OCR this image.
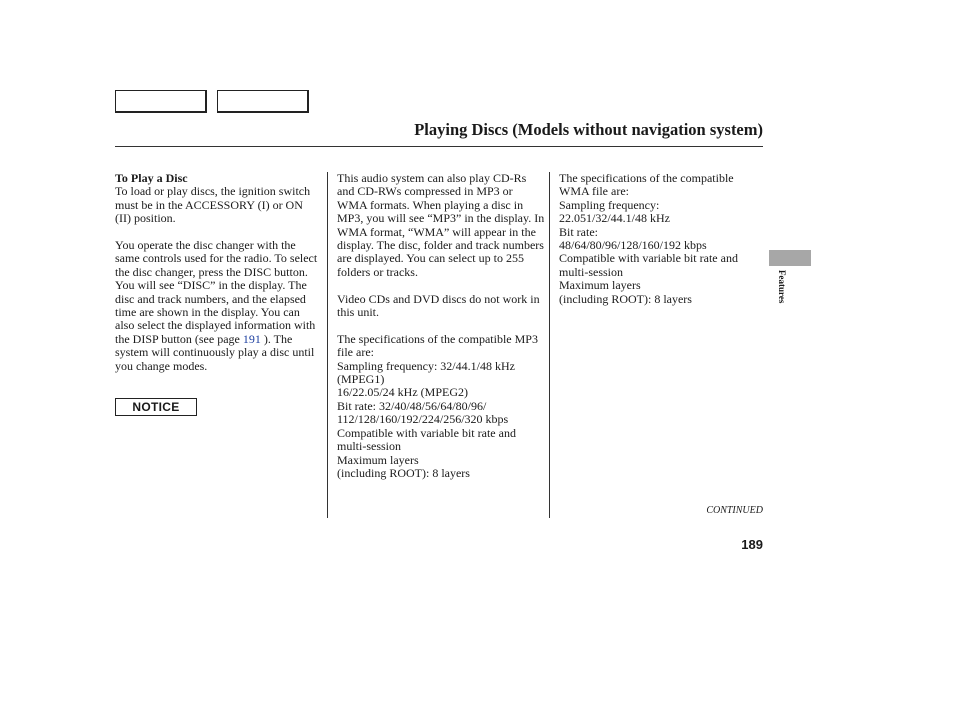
Playing Discs (Models without navigation system)

To Play a Disc

To load or play discs, the ignition switch must be in the ACCESSORY (I) or ON (II) position.

You operate the disc changer with the same controls used for the radio. To select the disc changer, press the DISC button. You will see “DISC” in the display. The disc and track numbers, and the elapsed time are shown in the display. You can also select the displayed information with the DISP button (see page 191 ). The system will continuously play a disc until you change modes.

NOTICE

This audio system can also play CD-Rs and CD-RWs compressed in MP3 or WMA formats. When playing a disc in MP3, you will see “MP3” in the display. In WMA format, “WMA” will appear in the display. The disc, folder and track numbers are displayed. You can select up to 255 folders or tracks.

Video CDs and DVD discs do not work in this unit.

The specifications of the compatible MP3 file are:

Sampling frequency: 32/44.1/48 kHz (MPEG1)

16/22.05/24 kHz (MPEG2)

Bit rate: 32/40/48/56/64/80/96/ 112/128/160/192/224/256/320 kbps

Compatible with variable bit rate and multi-session

Maximum layers

(including ROOT): 8 layers

The specifications of the compatible WMA file are:

Sampling frequency:

22.051/32/44.1/48 kHz

Bit rate:

48/64/80/96/128/160/192 kbps

Compatible with variable bit rate and multi-session

Maximum layers

(including ROOT): 8 layers	Features
CONTINUED
189
